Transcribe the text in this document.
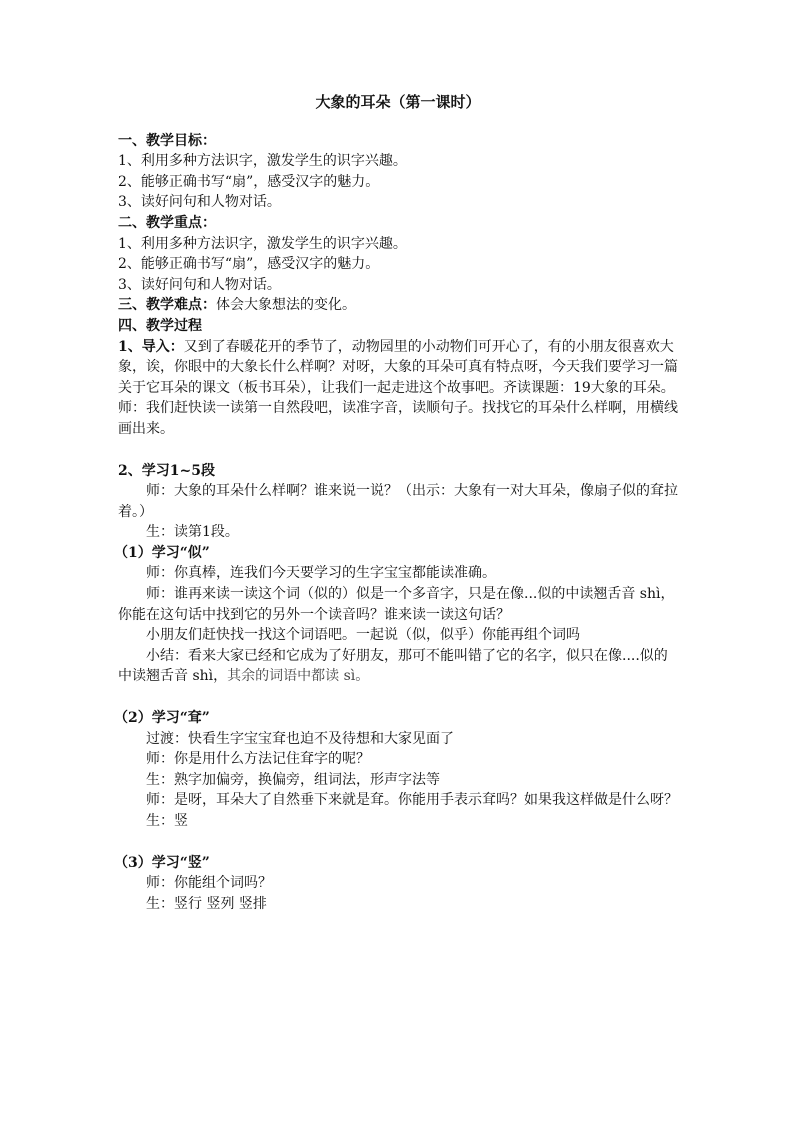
大象的耳朵（第一课时）

一、教学目标：

1、利用多种方法识字，激发学生的识字兴趣。

2、能够正确书写“扇”，感受汉字的魅力。

3、读好问句和人物对话。

二、教学重点：

1、利用多种方法识字，激发学生的识字兴趣。

2、能够正确书写“扇”，感受汉字的魅力。

3、读好问句和人物对话。

三、教学难点：体会大象想法的变化。

四、教学过程

1、导入：又到了春暖花开的季节了，动物园里的小动物们可开心了，有的小朋友很喜欢大象，诶，你眼中的大象长什么样啊？对呀，大象的耳朵可真有特点呀，今天我们要学习一篇关于它耳朵的课文（板书耳朵），让我们一起走进这个故事吧。齐读课题：19大象的耳朵。

师：我们赶快读一读第一自然段吧，读准字音，读顺句子。找找它的耳朵什么样啊，用横线画出来。

2、学习1~5段

师：大象的耳朵什么样啊？谁来说一说？（出示：大象有一对大耳朵，像扇子似的耷拉着。）

生：读第1段。

（1）学习“似”

师：你真棒，连我们今天要学习的生字宝宝都能读准确。

师：谁再来读一读这个词（似的）似是一个多音字，只是在像...似的中读翘舌音 shì，你能在这句话中找到它的另外一个读音吗？谁来读一读这句话？

小朋友们赶快找一找这个词语吧。一起说（似，似乎）你能再组个词吗

小结：看来大家已经和它成为了好朋友，那可不能叫错了它的名字，似只在像....似的中读翘舌音 shì，其余的词语中都读 sì。

（2）学习“耷”

过渡：快看生字宝宝耷也迫不及待想和大家见面了

师：你是用什么方法记住耷字的呢？

生：熟字加偏旁，换偏旁，组词法，形声字法等

师：是呀，耳朵大了自然垂下来就是耷。你能用手表示耷吗？如果我这样做是什么呀？

生：竖

（3）学习“竖”

师：你能组个词吗？

生：竖行 竖列 竖排
